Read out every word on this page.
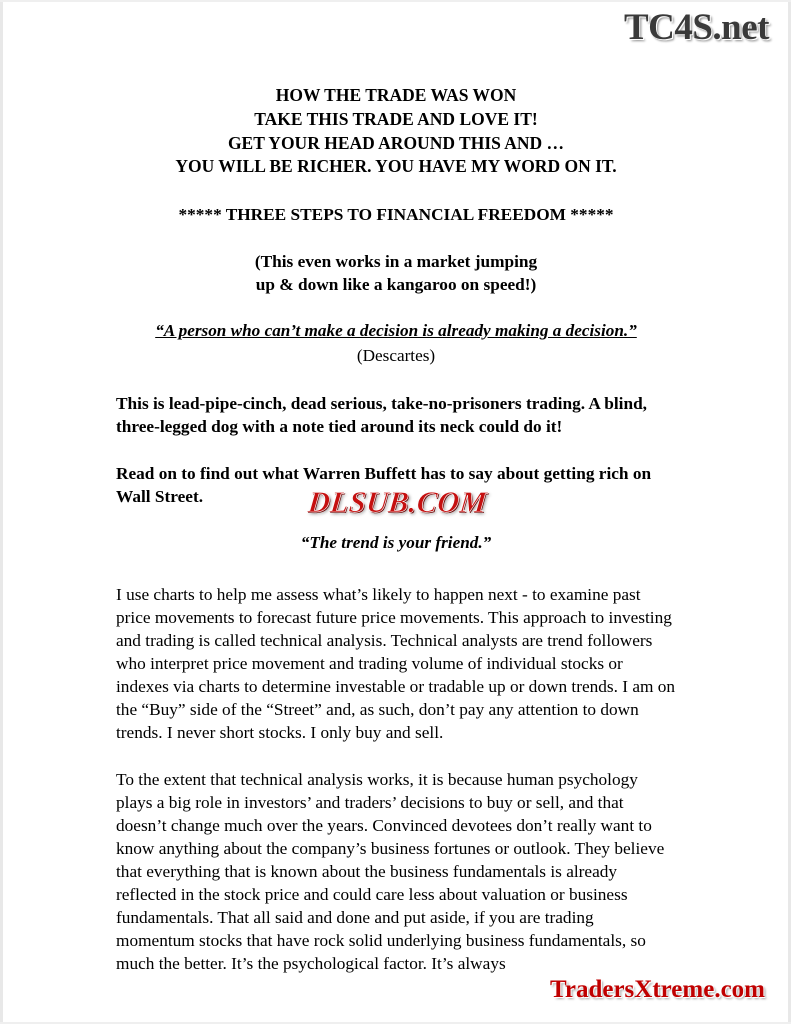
TC4S.net
HOW THE TRADE WAS WON
TAKE THIS TRADE AND LOVE IT!
GET YOUR HEAD AROUND THIS AND …
YOU WILL BE RICHER. YOU HAVE MY WORD ON IT.
***** THREE STEPS TO FINANCIAL FREEDOM *****
(This even works in a market jumping
up & down like a kangaroo on speed!)
“A person who can’t make a decision is already making a decision.”
(Descartes)

This is lead-pipe-cinch, dead serious, take-no-prisoners trading. A blind, three-legged dog with a note tied around its neck could do it!

Read on to find out what Warren Buffett has to say about getting rich on Wall Street.

“The trend is your friend.”

I use charts to help me assess what’s likely to happen next - to examine past price movements to forecast future price movements. This approach to investing and trading is called technical analysis. Technical analysts are trend followers who interpret price movement and trading volume of individual stocks or indexes via charts to determine investable or tradable up or down trends. I am on the “Buy” side of the “Street” and, as such, don’t pay any attention to down trends. I never short stocks. I only buy and sell.

To the extent that technical analysis works, it is because human psychology plays a big role in investors’ and traders’ decisions to buy or sell, and that doesn’t change much over the years. Convinced devotees don’t really want to know anything about the company’s business fortunes or outlook. They believe that everything that is known about the business fundamentals is already reflected in the stock price and could care less about valuation or business fundamentals. That all said and done and put aside, if you are trading momentum stocks that have rock solid underlying business fundamentals, so much the better. It’s the psychological factor. It’s always

DLSUB.COM
TradersXtreme.com
